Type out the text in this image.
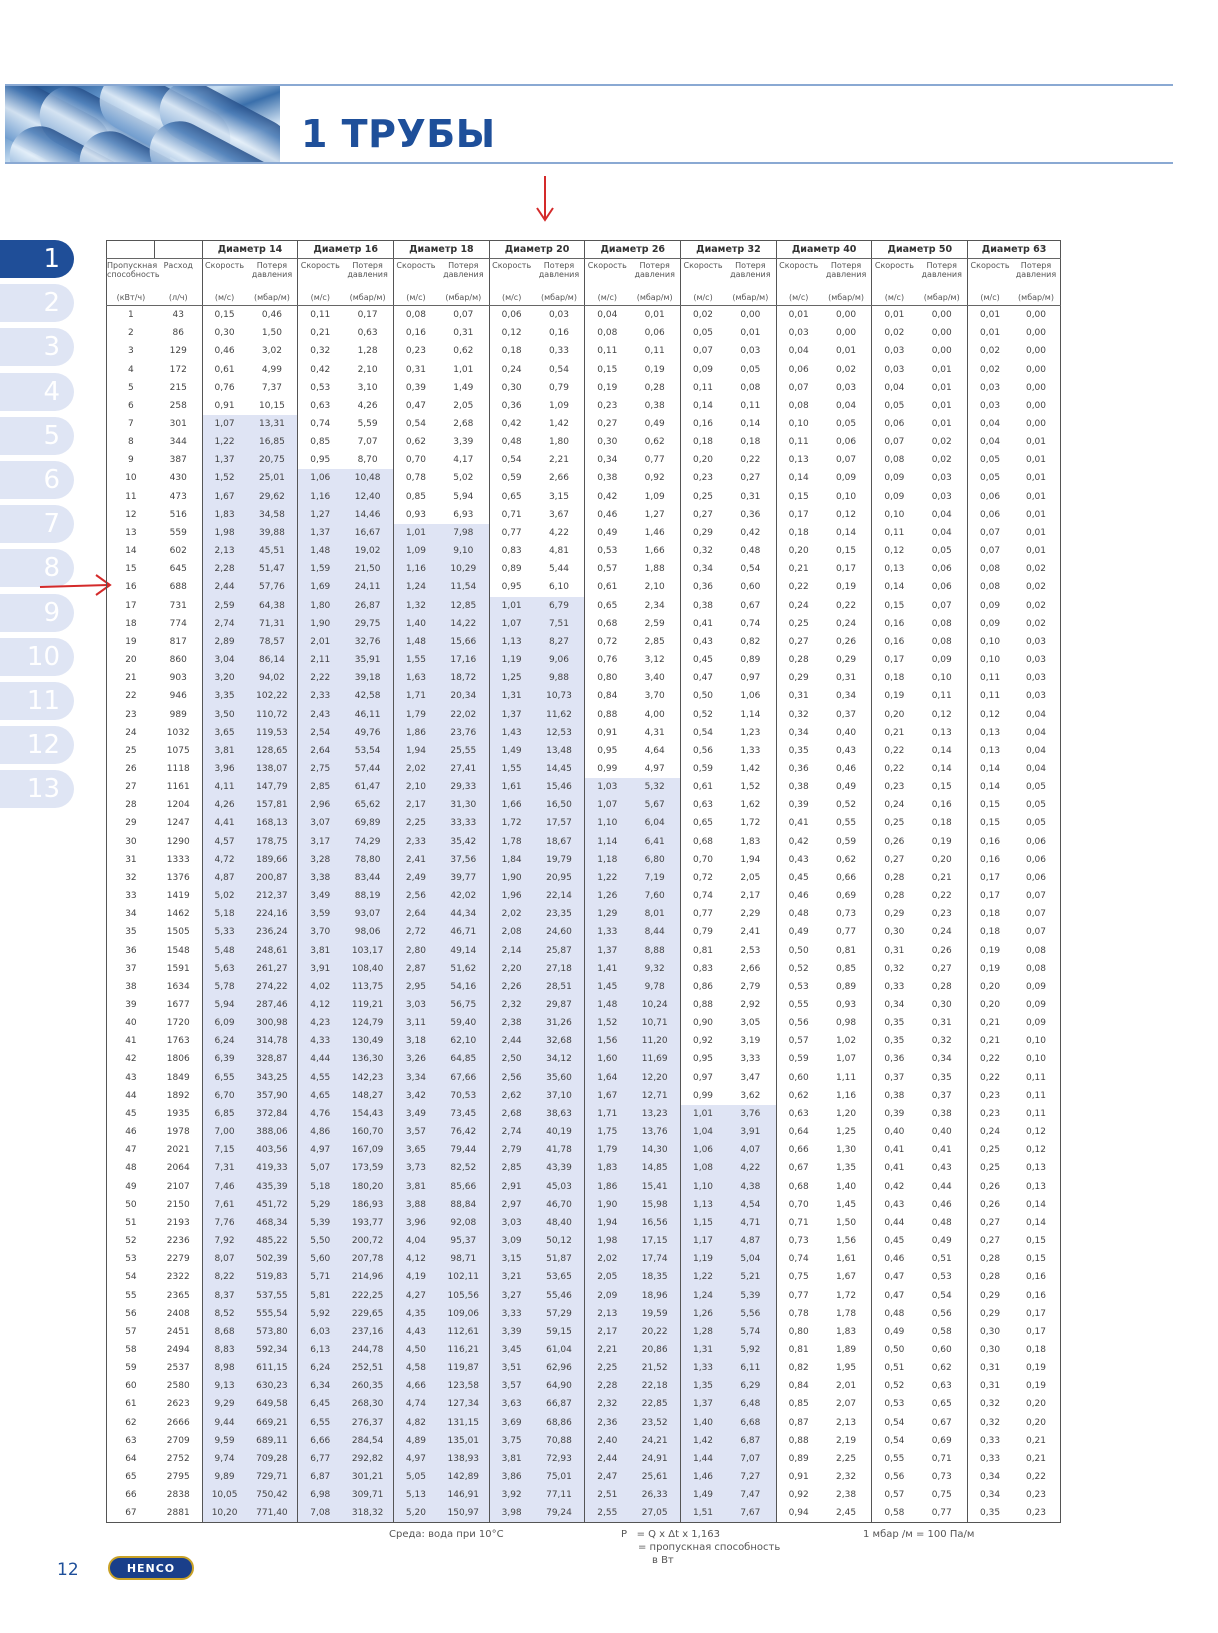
1 ТРУБЫ
1
2
3
4
5
6
7
8
9
10
11
12
13
		Диаметр 14		Диаметр 16		Диаметр 18		Диаметр 20		Диаметр 26		Диаметр 32		Диаметр 40		Диаметр 50		Диаметр 63	
Пропускная способность	Расход	Скорость	Потеря давления	Скорость	Потеря давления	Скорость	Потеря давления	Скорость	Потеря давления	Скорость	Потеря давления	Скорость	Потеря давления	Скорость	Потеря давления	Скорость	Потеря давления	Скорость	Потеря давления
(кВт/ч)	(л/ч)	(м/с)	(мбар/м)	(м/с)	(мбар/м)	(м/с)	(мбар/м)	(м/с)	(мбар/м)	(м/с)	(мбар/м)	(м/с)	(мбар/м)	(м/с)	(мбар/м)	(м/с)	(мбар/м)	(м/с)	(мбар/м)
1	43	0,15	0,46	0,11	0,17	0,08	0,07	0,06	0,03	0,04	0,01	0,02	0,00	0,01	0,00	0,01	0,00	0,01	0,00
2	86	0,30	1,50	0,21	0,63	0,16	0,31	0,12	0,16	0,08	0,06	0,05	0,01	0,03	0,00	0,02	0,00	0,01	0,00
3	129	0,46	3,02	0,32	1,28	0,23	0,62	0,18	0,33	0,11	0,11	0,07	0,03	0,04	0,01	0,03	0,00	0,02	0,00
4	172	0,61	4,99	0,42	2,10	0,31	1,01	0,24	0,54	0,15	0,19	0,09	0,05	0,06	0,02	0,03	0,01	0,02	0,00
5	215	0,76	7,37	0,53	3,10	0,39	1,49	0,30	0,79	0,19	0,28	0,11	0,08	0,07	0,03	0,04	0,01	0,03	0,00
6	258	0,91	10,15	0,63	4,26	0,47	2,05	0,36	1,09	0,23	0,38	0,14	0,11	0,08	0,04	0,05	0,01	0,03	0,00
7	301	1,07	13,31	0,74	5,59	0,54	2,68	0,42	1,42	0,27	0,49	0,16	0,14	0,10	0,05	0,06	0,01	0,04	0,00
8	344	1,22	16,85	0,85	7,07	0,62	3,39	0,48	1,80	0,30	0,62	0,18	0,18	0,11	0,06	0,07	0,02	0,04	0,01
9	387	1,37	20,75	0,95	8,70	0,70	4,17	0,54	2,21	0,34	0,77	0,20	0,22	0,13	0,07	0,08	0,02	0,05	0,01
10	430	1,52	25,01	1,06	10,48	0,78	5,02	0,59	2,66	0,38	0,92	0,23	0,27	0,14	0,09	0,09	0,03	0,05	0,01
11	473	1,67	29,62	1,16	12,40	0,85	5,94	0,65	3,15	0,42	1,09	0,25	0,31	0,15	0,10	0,09	0,03	0,06	0,01
12	516	1,83	34,58	1,27	14,46	0,93	6,93	0,71	3,67	0,46	1,27	0,27	0,36	0,17	0,12	0,10	0,04	0,06	0,01
13	559	1,98	39,88	1,37	16,67	1,01	7,98	0,77	4,22	0,49	1,46	0,29	0,42	0,18	0,14	0,11	0,04	0,07	0,01
14	602	2,13	45,51	1,48	19,02	1,09	9,10	0,83	4,81	0,53	1,66	0,32	0,48	0,20	0,15	0,12	0,05	0,07	0,01
15	645	2,28	51,47	1,59	21,50	1,16	10,29	0,89	5,44	0,57	1,88	0,34	0,54	0,21	0,17	0,13	0,06	0,08	0,02
16	688	2,44	57,76	1,69	24,11	1,24	11,54	0,95	6,10	0,61	2,10	0,36	0,60	0,22	0,19	0,14	0,06	0,08	0,02
17	731	2,59	64,38	1,80	26,87	1,32	12,85	1,01	6,79	0,65	2,34	0,38	0,67	0,24	0,22	0,15	0,07	0,09	0,02
18	774	2,74	71,31	1,90	29,75	1,40	14,22	1,07	7,51	0,68	2,59	0,41	0,74	0,25	0,24	0,16	0,08	0,09	0,02
19	817	2,89	78,57	2,01	32,76	1,48	15,66	1,13	8,27	0,72	2,85	0,43	0,82	0,27	0,26	0,16	0,08	0,10	0,03
20	860	3,04	86,14	2,11	35,91	1,55	17,16	1,19	9,06	0,76	3,12	0,45	0,89	0,28	0,29	0,17	0,09	0,10	0,03
21	903	3,20	94,02	2,22	39,18	1,63	18,72	1,25	9,88	0,80	3,40	0,47	0,97	0,29	0,31	0,18	0,10	0,11	0,03
22	946	3,35	102,22	2,33	42,58	1,71	20,34	1,31	10,73	0,84	3,70	0,50	1,06	0,31	0,34	0,19	0,11	0,11	0,03
23	989	3,50	110,72	2,43	46,11	1,79	22,02	1,37	11,62	0,88	4,00	0,52	1,14	0,32	0,37	0,20	0,12	0,12	0,04
24	1032	3,65	119,53	2,54	49,76	1,86	23,76	1,43	12,53	0,91	4,31	0,54	1,23	0,34	0,40	0,21	0,13	0,13	0,04
25	1075	3,81	128,65	2,64	53,54	1,94	25,55	1,49	13,48	0,95	4,64	0,56	1,33	0,35	0,43	0,22	0,14	0,13	0,04
26	1118	3,96	138,07	2,75	57,44	2,02	27,41	1,55	14,45	0,99	4,97	0,59	1,42	0,36	0,46	0,22	0,14	0,14	0,04
27	1161	4,11	147,79	2,85	61,47	2,10	29,33	1,61	15,46	1,03	5,32	0,61	1,52	0,38	0,49	0,23	0,15	0,14	0,05
28	1204	4,26	157,81	2,96	65,62	2,17	31,30	1,66	16,50	1,07	5,67	0,63	1,62	0,39	0,52	0,24	0,16	0,15	0,05
29	1247	4,41	168,13	3,07	69,89	2,25	33,33	1,72	17,57	1,10	6,04	0,65	1,72	0,41	0,55	0,25	0,18	0,15	0,05
30	1290	4,57	178,75	3,17	74,29	2,33	35,42	1,78	18,67	1,14	6,41	0,68	1,83	0,42	0,59	0,26	0,19	0,16	0,06
31	1333	4,72	189,66	3,28	78,80	2,41	37,56	1,84	19,79	1,18	6,80	0,70	1,94	0,43	0,62	0,27	0,20	0,16	0,06
32	1376	4,87	200,87	3,38	83,44	2,49	39,77	1,90	20,95	1,22	7,19	0,72	2,05	0,45	0,66	0,28	0,21	0,17	0,06
33	1419	5,02	212,37	3,49	88,19	2,56	42,02	1,96	22,14	1,26	7,60	0,74	2,17	0,46	0,69	0,28	0,22	0,17	0,07
34	1462	5,18	224,16	3,59	93,07	2,64	44,34	2,02	23,35	1,29	8,01	0,77	2,29	0,48	0,73	0,29	0,23	0,18	0,07
35	1505	5,33	236,24	3,70	98,06	2,72	46,71	2,08	24,60	1,33	8,44	0,79	2,41	0,49	0,77	0,30	0,24	0,18	0,07
36	1548	5,48	248,61	3,81	103,17	2,80	49,14	2,14	25,87	1,37	8,88	0,81	2,53	0,50	0,81	0,31	0,26	0,19	0,08
37	1591	5,63	261,27	3,91	108,40	2,87	51,62	2,20	27,18	1,41	9,32	0,83	2,66	0,52	0,85	0,32	0,27	0,19	0,08
38	1634	5,78	274,22	4,02	113,75	2,95	54,16	2,26	28,51	1,45	9,78	0,86	2,79	0,53	0,89	0,33	0,28	0,20	0,09
39	1677	5,94	287,46	4,12	119,21	3,03	56,75	2,32	29,87	1,48	10,24	0,88	2,92	0,55	0,93	0,34	0,30	0,20	0,09
40	1720	6,09	300,98	4,23	124,79	3,11	59,40	2,38	31,26	1,52	10,71	0,90	3,05	0,56	0,98	0,35	0,31	0,21	0,09
41	1763	6,24	314,78	4,33	130,49	3,18	62,10	2,44	32,68	1,56	11,20	0,92	3,19	0,57	1,02	0,35	0,32	0,21	0,10
42	1806	6,39	328,87	4,44	136,30	3,26	64,85	2,50	34,12	1,60	11,69	0,95	3,33	0,59	1,07	0,36	0,34	0,22	0,10
43	1849	6,55	343,25	4,55	142,23	3,34	67,66	2,56	35,60	1,64	12,20	0,97	3,47	0,60	1,11	0,37	0,35	0,22	0,11
44	1892	6,70	357,90	4,65	148,27	3,42	70,53	2,62	37,10	1,67	12,71	0,99	3,62	0,62	1,16	0,38	0,37	0,23	0,11
45	1935	6,85	372,84	4,76	154,43	3,49	73,45	2,68	38,63	1,71	13,23	1,01	3,76	0,63	1,20	0,39	0,38	0,23	0,11
46	1978	7,00	388,06	4,86	160,70	3,57	76,42	2,74	40,19	1,75	13,76	1,04	3,91	0,64	1,25	0,40	0,40	0,24	0,12
47	2021	7,15	403,56	4,97	167,09	3,65	79,44	2,79	41,78	1,79	14,30	1,06	4,07	0,66	1,30	0,41	0,41	0,25	0,12
48	2064	7,31	419,33	5,07	173,59	3,73	82,52	2,85	43,39	1,83	14,85	1,08	4,22	0,67	1,35	0,41	0,43	0,25	0,13
49	2107	7,46	435,39	5,18	180,20	3,81	85,66	2,91	45,03	1,86	15,41	1,10	4,38	0,68	1,40	0,42	0,44	0,26	0,13
50	2150	7,61	451,72	5,29	186,93	3,88	88,84	2,97	46,70	1,90	15,98	1,13	4,54	0,70	1,45	0,43	0,46	0,26	0,14
51	2193	7,76	468,34	5,39	193,77	3,96	92,08	3,03	48,40	1,94	16,56	1,15	4,71	0,71	1,50	0,44	0,48	0,27	0,14
52	2236	7,92	485,22	5,50	200,72	4,04	95,37	3,09	50,12	1,98	17,15	1,17	4,87	0,73	1,56	0,45	0,49	0,27	0,15
53	2279	8,07	502,39	5,60	207,78	4,12	98,71	3,15	51,87	2,02	17,74	1,19	5,04	0,74	1,61	0,46	0,51	0,28	0,15
54	2322	8,22	519,83	5,71	214,96	4,19	102,11	3,21	53,65	2,05	18,35	1,22	5,21	0,75	1,67	0,47	0,53	0,28	0,16
55	2365	8,37	537,55	5,81	222,25	4,27	105,56	3,27	55,46	2,09	18,96	1,24	5,39	0,77	1,72	0,47	0,54	0,29	0,16
56	2408	8,52	555,54	5,92	229,65	4,35	109,06	3,33	57,29	2,13	19,59	1,26	5,56	0,78	1,78	0,48	0,56	0,29	0,17
57	2451	8,68	573,80	6,03	237,16	4,43	112,61	3,39	59,15	2,17	20,22	1,28	5,74	0,80	1,83	0,49	0,58	0,30	0,17
58	2494	8,83	592,34	6,13	244,78	4,50	116,21	3,45	61,04	2,21	20,86	1,31	5,92	0,81	1,89	0,50	0,60	0,30	0,18
59	2537	8,98	611,15	6,24	252,51	4,58	119,87	3,51	62,96	2,25	21,52	1,33	6,11	0,82	1,95	0,51	0,62	0,31	0,19
60	2580	9,13	630,23	6,34	260,35	4,66	123,58	3,57	64,90	2,28	22,18	1,35	6,29	0,84	2,01	0,52	0,63	0,31	0,19
61	2623	9,29	649,58	6,45	268,30	4,74	127,34	3,63	66,87	2,32	22,85	1,37	6,48	0,85	2,07	0,53	0,65	0,32	0,20
62	2666	9,44	669,21	6,55	276,37	4,82	131,15	3,69	68,86	2,36	23,52	1,40	6,68	0,87	2,13	0,54	0,67	0,32	0,20
63	2709	9,59	689,11	6,66	284,54	4,89	135,01	3,75	70,88	2,40	24,21	1,42	6,87	0,88	2,19	0,54	0,69	0,33	0,21
64	2752	9,74	709,28	6,77	292,82	4,97	138,93	3,81	72,93	2,44	24,91	1,44	7,07	0,89	2,25	0,55	0,71	0,33	0,21
65	2795	9,89	729,71	6,87	301,21	5,05	142,89	3,86	75,01	2,47	25,61	1,46	7,27	0,91	2,32	0,56	0,73	0,34	0,22
66	2838	10,05	750,42	6,98	309,71	5,13	146,91	3,92	77,11	2,51	26,33	1,49	7,47	0,92	2,38	0,57	0,75	0,34	0,23
67	2881	10,20	771,40	7,08	318,32	5,20	150,97	3,98	79,24	2,55	27,05	1,51	7,67	0,94	2,45	0,58	0,77	0,35	0,23
Среда: вода при 10°С	P   = Q x Δt x 1,163
= пропускная способность
в Вт
1 мбар /м = 100 Па/м
12	HENCO
